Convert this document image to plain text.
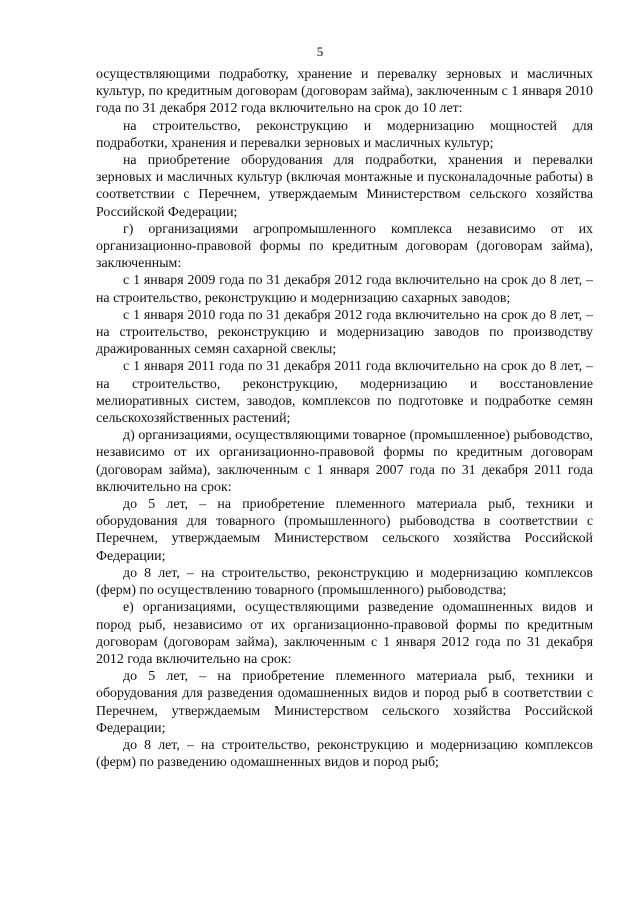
5

осуществляющими подработку, хранение и перевалку зерновых и масличных культур, по кредитным договорам (договорам займа), заключенным с 1 января 2010 года по 31 декабря 2012 года включительно на срок до 10 лет:

на строительство, реконструкцию и модернизацию мощностей для подработки, хранения и перевалки зерновых и масличных культур;

на приобретение оборудования для подработки, хранения и перевалки зерновых и масличных культур (включая монтажные и пусконаладочные работы) в соответствии с Перечнем, утверждаемым Министерством сельского хозяйства Российской Федерации;

г) организациями агропромышленного комплекса независимо от их организационно-правовой формы по кредитным договорам (договорам займа), заключенным:

с 1 января 2009 года по 31 декабря 2012 года включительно на срок до 8 лет, – на строительство, реконструкцию и модернизацию сахарных заводов;

с 1 января 2010 года по 31 декабря 2012 года включительно на срок до 8 лет, – на строительство, реконструкцию и модернизацию заводов по производству дражированных семян сахарной свеклы;

с 1 января 2011 года по 31 декабря 2011 года включительно на срок до 8 лет, – на строительство, реконструкцию, модернизацию и восстановление мелиоративных систем, заводов, комплексов по подготовке и подработке семян сельскохозяйственных растений;

д) организациями, осуществляющими товарное (промышленное) рыбоводство, независимо от их организационно-правовой формы по кредитным договорам (договорам займа), заключенным с 1 января 2007 года по 31 декабря 2011 года включительно на срок:

до 5 лет, – на приобретение племенного материала рыб, техники и оборудования для товарного (промышленного) рыбоводства в соответствии с Перечнем, утверждаемым Министерством сельского хозяйства Российской Федерации;

до 8 лет, – на строительство, реконструкцию и модернизацию комплексов (ферм) по осуществлению товарного (промышленного) рыбоводства;

е) организациями, осуществляющими разведение одомашненных видов и пород рыб, независимо от их организационно-правовой формы по кредитным договорам (договорам займа), заключенным с 1 января 2012 года по 31 декабря 2012 года включительно на срок:

до 5 лет, – на приобретение племенного материала рыб, техники и оборудования для разведения одомашненных видов и пород рыб в соответствии с Перечнем, утверждаемым Министерством сельского хозяйства Российской Федерации;

до 8 лет, – на строительство, реконструкцию и модернизацию комплексов (ферм) по разведению одомашненных видов и пород рыб;
